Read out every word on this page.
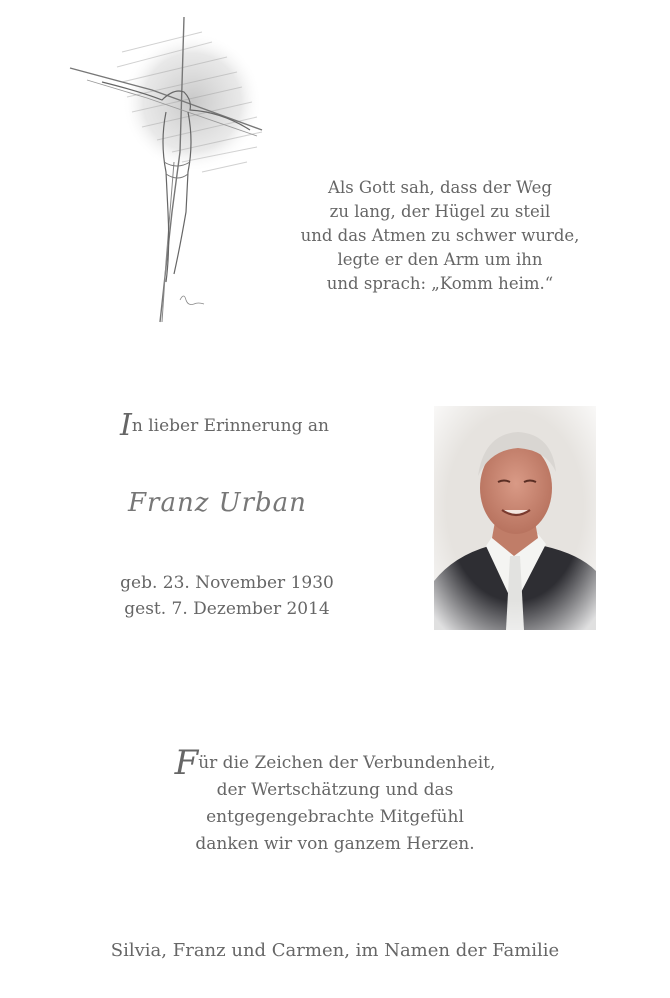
Als Gott sah, dass der Weg
zu lang, der Hügel zu steil
und das Atmen zu schwer wurde,
legte er den Arm um ihn
und sprach: „Komm heim.“
In lieber Erinnerung an
Franz Urban
geb. 23. November 1930
gest. 7. Dezember 2014
Für die Zeichen der Verbundenheit,
der Wertschätzung und das
entgegengebrachte Mitgefühl
danken wir von ganzem Herzen.
Silvia, Franz und Carmen, im Namen der Familie
